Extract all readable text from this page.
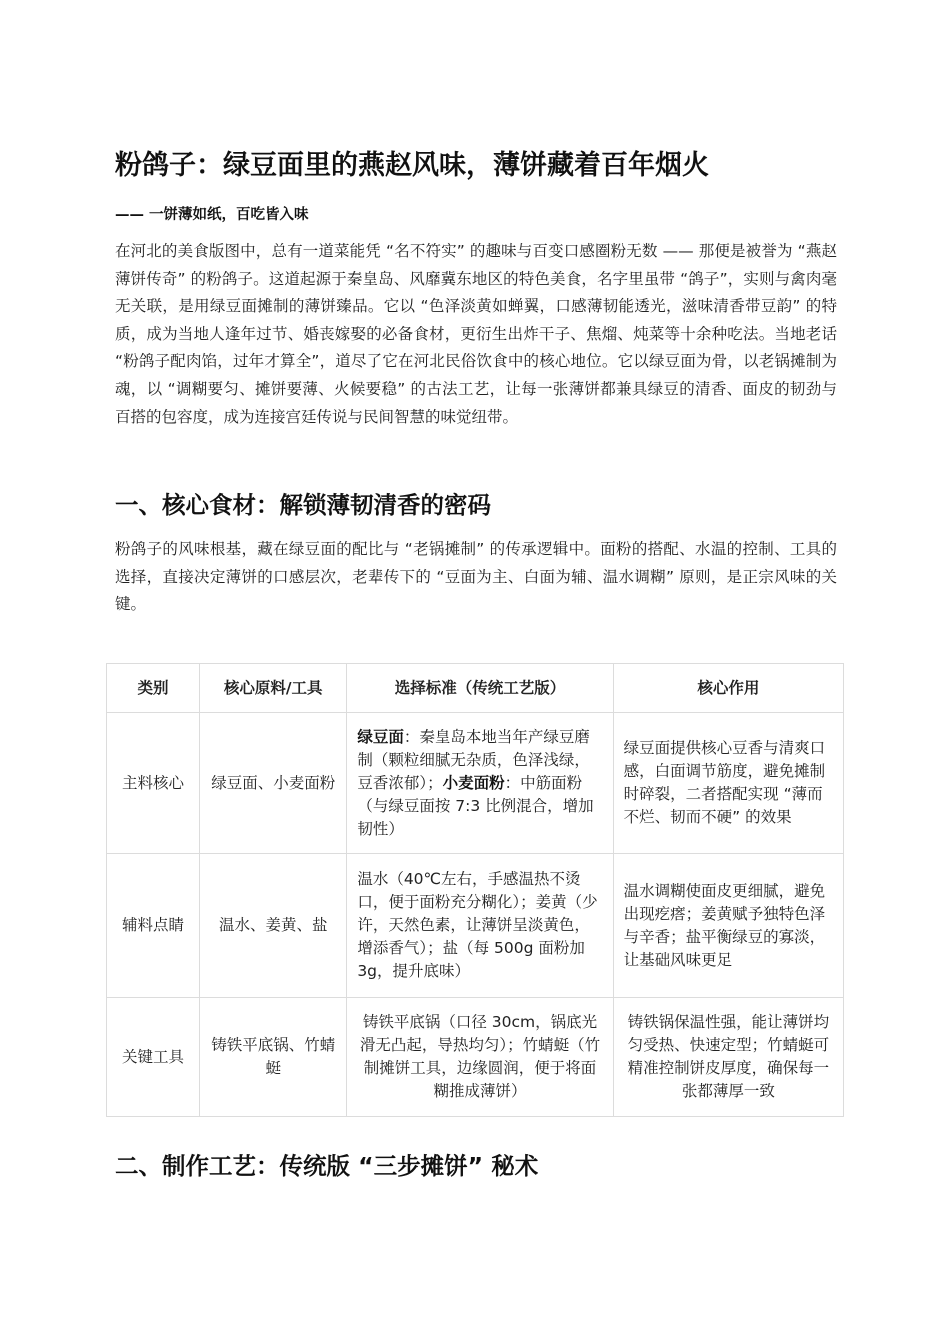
粉鸽子：绿豆面里的燕赵风味，薄饼藏着百年烟火
—— 一饼薄如纸，百吃皆入味

在河北的美食版图中，总有一道菜能凭 “名不符实” 的趣味与百变口感圈粉无数 —— 那便是被誉为 “燕赵薄饼传奇” 的粉鸽子。这道起源于秦皇岛、风靡冀东地区的特色美食，名字里虽带 “鸽子”，实则与禽肉毫无关联，是用绿豆面摊制的薄饼臻品。它以 “色泽淡黄如蝉翼，口感薄韧能透光，滋味清香带豆韵” 的特质，成为当地人逢年过节、婚丧嫁娶的必备食材，更衍生出炸干子、焦熘、炖菜等十余种吃法。当地老话 “粉鸽子配肉馅，过年才算全”，道尽了它在河北民俗饮食中的核心地位。它以绿豆面为骨，以老锅摊制为魂，以 “调糊要匀、摊饼要薄、火候要稳” 的古法工艺，让每一张薄饼都兼具绿豆的清香、面皮的韧劲与百搭的包容度，成为连接宫廷传说与民间智慧的味觉纽带。

一、核心食材：解锁薄韧清香的密码

粉鸽子的风味根基，藏在绿豆面的配比与 “老锅摊制” 的传承逻辑中。面粉的搭配、水温的控制、工具的选择，直接决定薄饼的口感层次，老辈传下的 “豆面为主、白面为辅、温水调糊” 原则，是正宗风味的关键。

类别	核心原料/工具	选择标准（传统工艺版）	核心作用
主料核心	绿豆面、小麦面粉	绿豆面：秦皇岛本地当年产绿豆磨制（颗粒细腻无杂质，色泽浅绿，豆香浓郁）；小麦面粉：中筋面粉（与绿豆面按 7:3 比例混合，增加韧性）	绿豆面提供核心豆香与清爽口感，白面调节筋度，避免摊制时碎裂，二者搭配实现 “薄而不烂、韧而不硬” 的效果
辅料点睛	温水、姜黄、盐	温水（40℃左右，手感温热不烫口，便于面粉充分糊化）；姜黄（少许，天然色素，让薄饼呈淡黄色，增添香气）；盐（每 500g 面粉加 3g，提升底味）	温水调糊使面皮更细腻，避免出现疙瘩；姜黄赋予独特色泽与辛香；盐平衡绿豆的寡淡，让基础风味更足
关键工具	铸铁平底锅、竹蜻蜓	铸铁平底锅（口径 30cm，锅底光滑无凸起，导热均匀）；竹蜻蜓（竹制摊饼工具，边缘圆润，便于将面糊推成薄饼）	铸铁锅保温性强，能让薄饼均匀受热、快速定型；竹蜻蜓可精准控制饼皮厚度，确保每一张都薄厚一致
二、制作工艺：传统版 “三步摊饼” 秘术
